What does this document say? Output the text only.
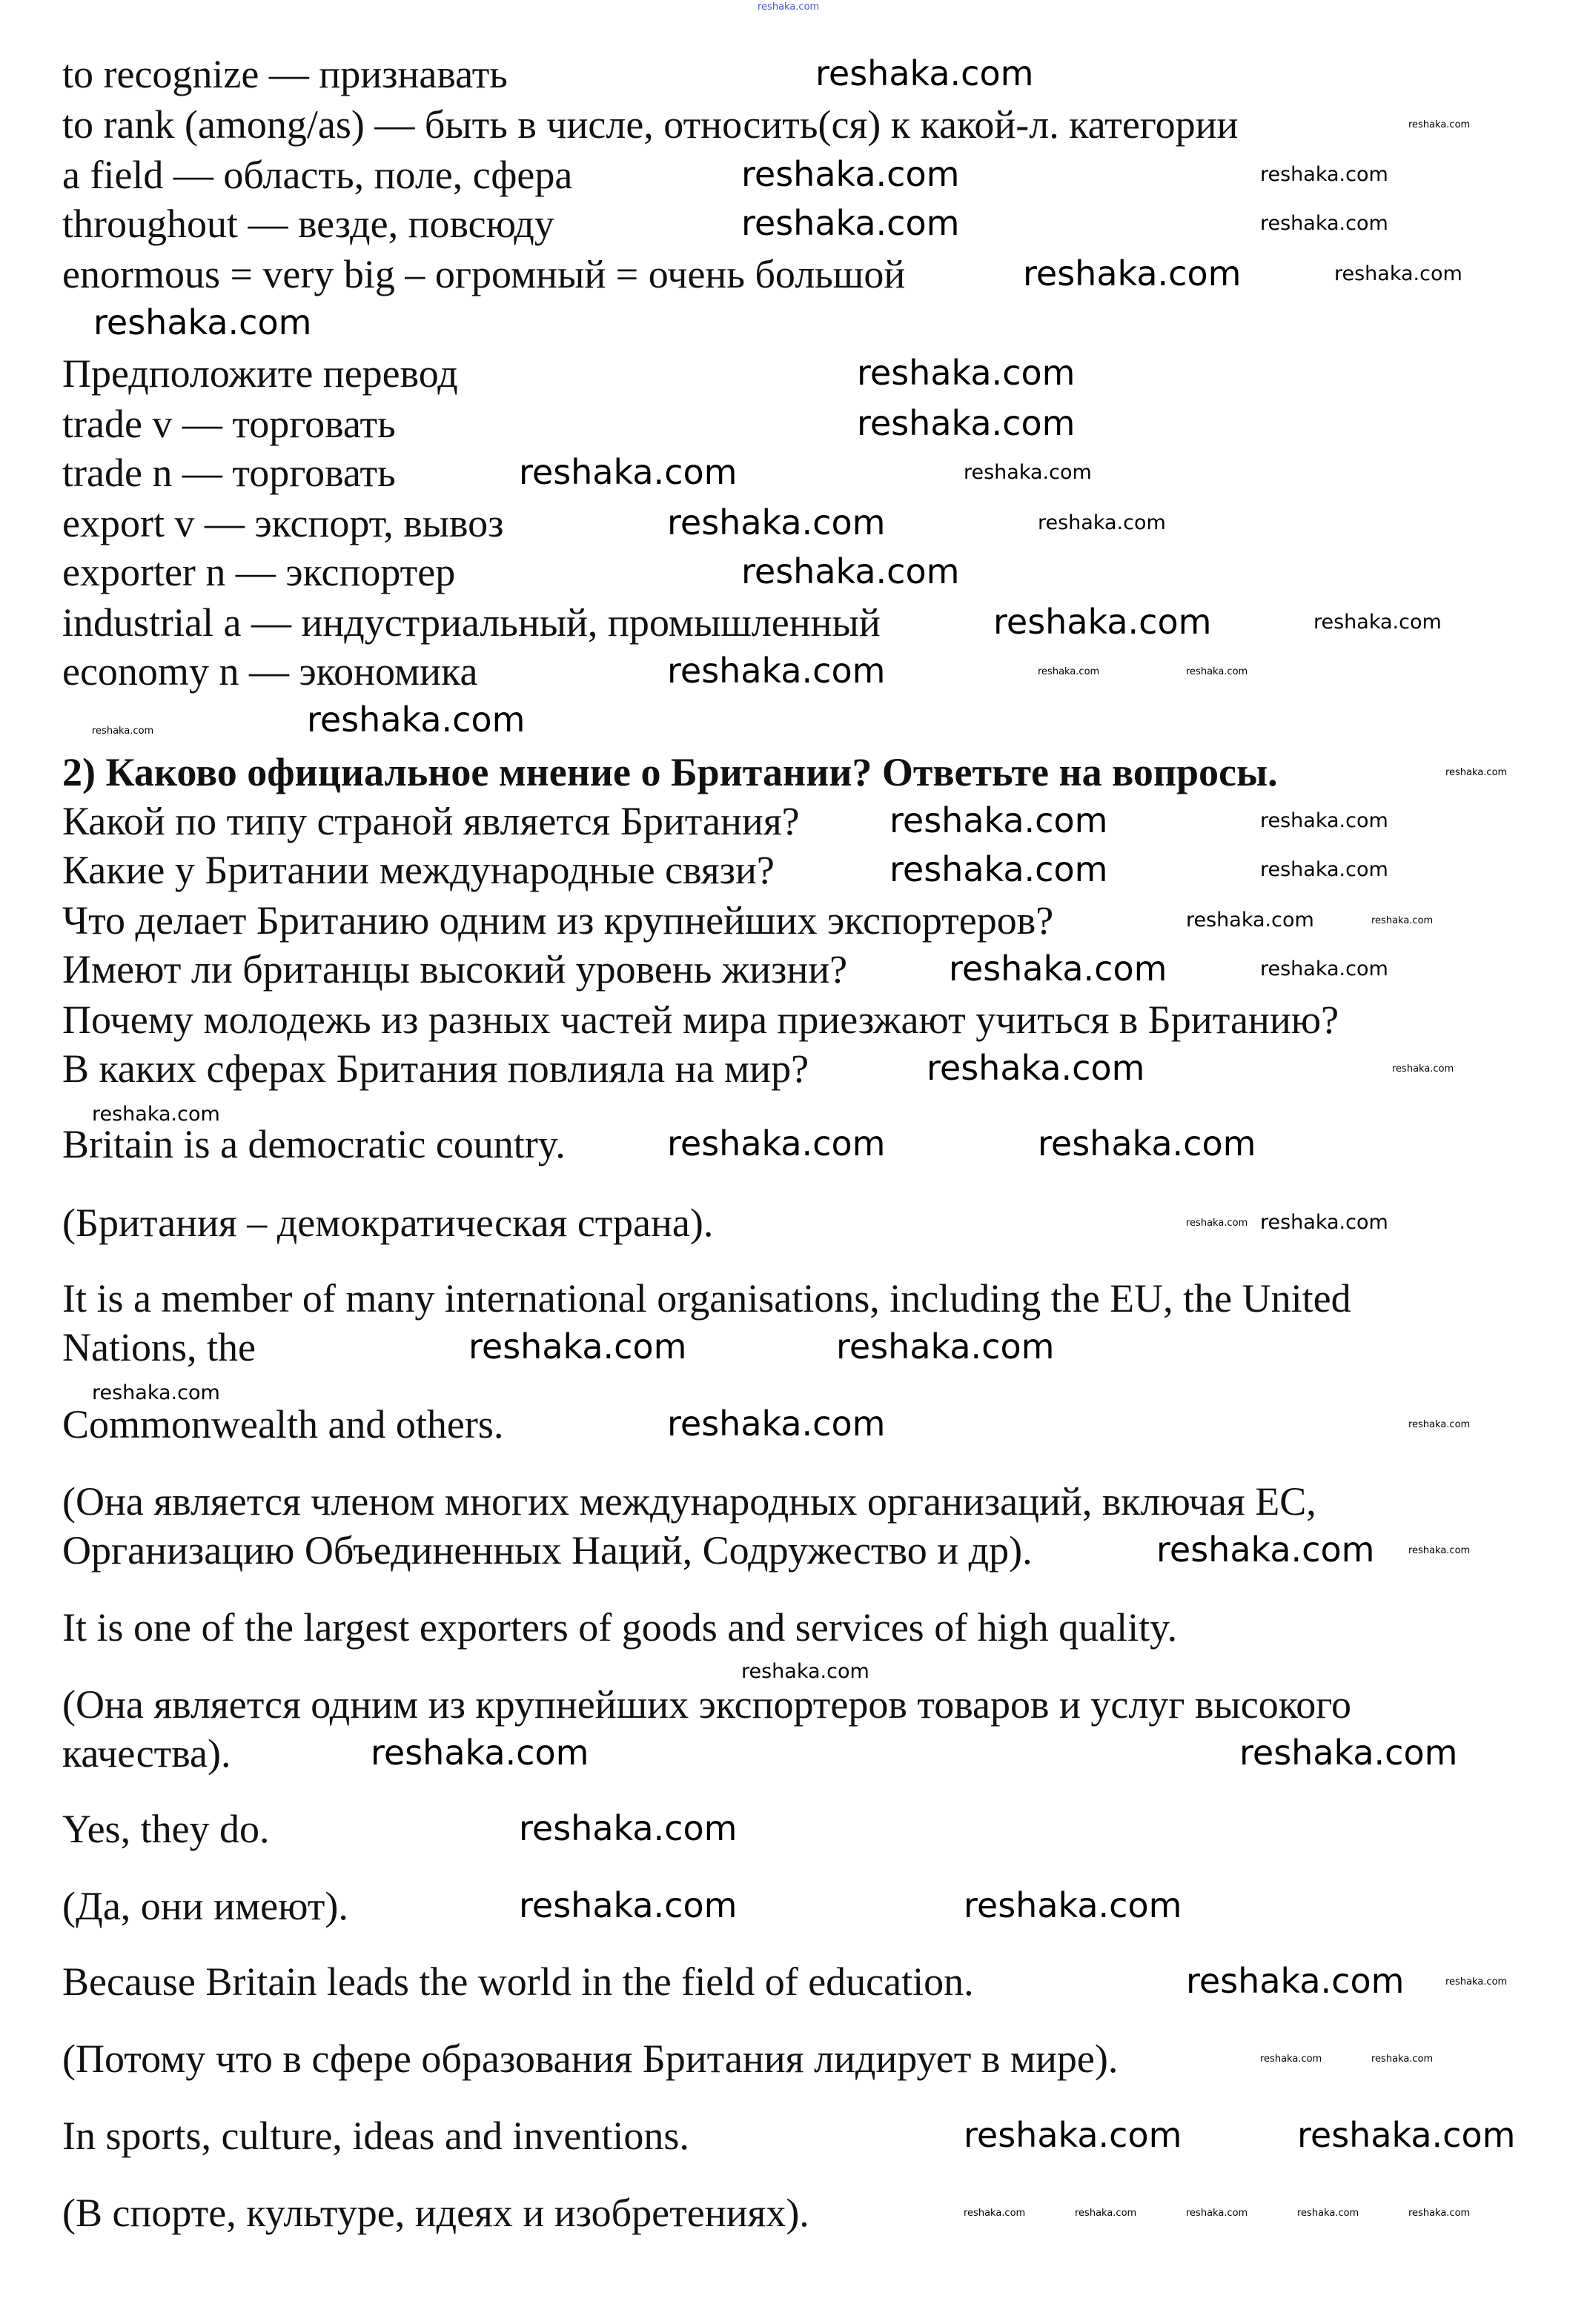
reshaka.com
to recognize — признавать
to rank (among/as) — быть в числе, относить(ся) к какой-л. категории
a field — область, поле, сфера
throughout — везде, повсюду
enormous = very big – огромный = очень большой
Предположите перевод
trade v — торговать
trade n — торговать
export v — экспорт, вывоз
exporter n — экспортер
industrial a — индустриальный, промышленный
economy n — экономика
2) Каково официальное мнение о Британии? Ответьте на вопросы.
Какой по типу страной является Британия?
Какие у Британии международные связи?
Что делает Британию одним из крупнейших экспортеров?
Имеют ли британцы высокий уровень жизни?
Почему молодежь из разных частей мира приезжают учиться в Британию?
В каких сферах Британия повлияла на мир?
Britain is a democratic country.
(Британия – демократическая страна).
It is a member of many international organisations, including the EU, the United
Nations, the
Commonwealth and others.
(Она является членом многих международных организаций, включая ЕС,
Организацию Объединенных Наций, Содружество и др).
It is one of the largest exporters of goods and services of high quality.
(Она является одним из крупнейших экспортеров товаров и услуг высокого
качества).
Yes, they do.
(Да, они имеют).
Because Britain leads the world in the field of education.
(Потому что в сфере образования Британия лидирует в мире).
In sports, culture, ideas and inventions.
(В спорте, культуре, идеях и изобретениях).
reshaka.com
reshaka.com
reshaka.com	reshaka.com
reshaka.com	reshaka.com
reshaka.com	reshaka.com
reshaka.com
reshaka.com
reshaka.com
reshaka.com	reshaka.com
reshaka.com	reshaka.com
reshaka.com
reshaka.com	reshaka.com
reshaka.com	reshaka.com	reshaka.com
reshaka.com
reshaka.com
reshaka.com
reshaka.com	reshaka.com
reshaka.com	reshaka.com
reshaka.com	reshaka.com
reshaka.com	reshaka.com
reshaka.com	reshaka.com
reshaka.com
reshaka.com	reshaka.com
reshaka.com reshaka.com
reshaka.com	reshaka.com
reshaka.com
reshaka.com	reshaka.com
reshaka.com	reshaka.com
reshaka.com
reshaka.com	reshaka.com
reshaka.com
reshaka.com	reshaka.com
reshaka.com	reshaka.com
reshaka.com	reshaka.com
reshaka.com	reshaka.com
reshaka.com	reshaka.com	reshaka.com	reshaka.com	reshaka.com
